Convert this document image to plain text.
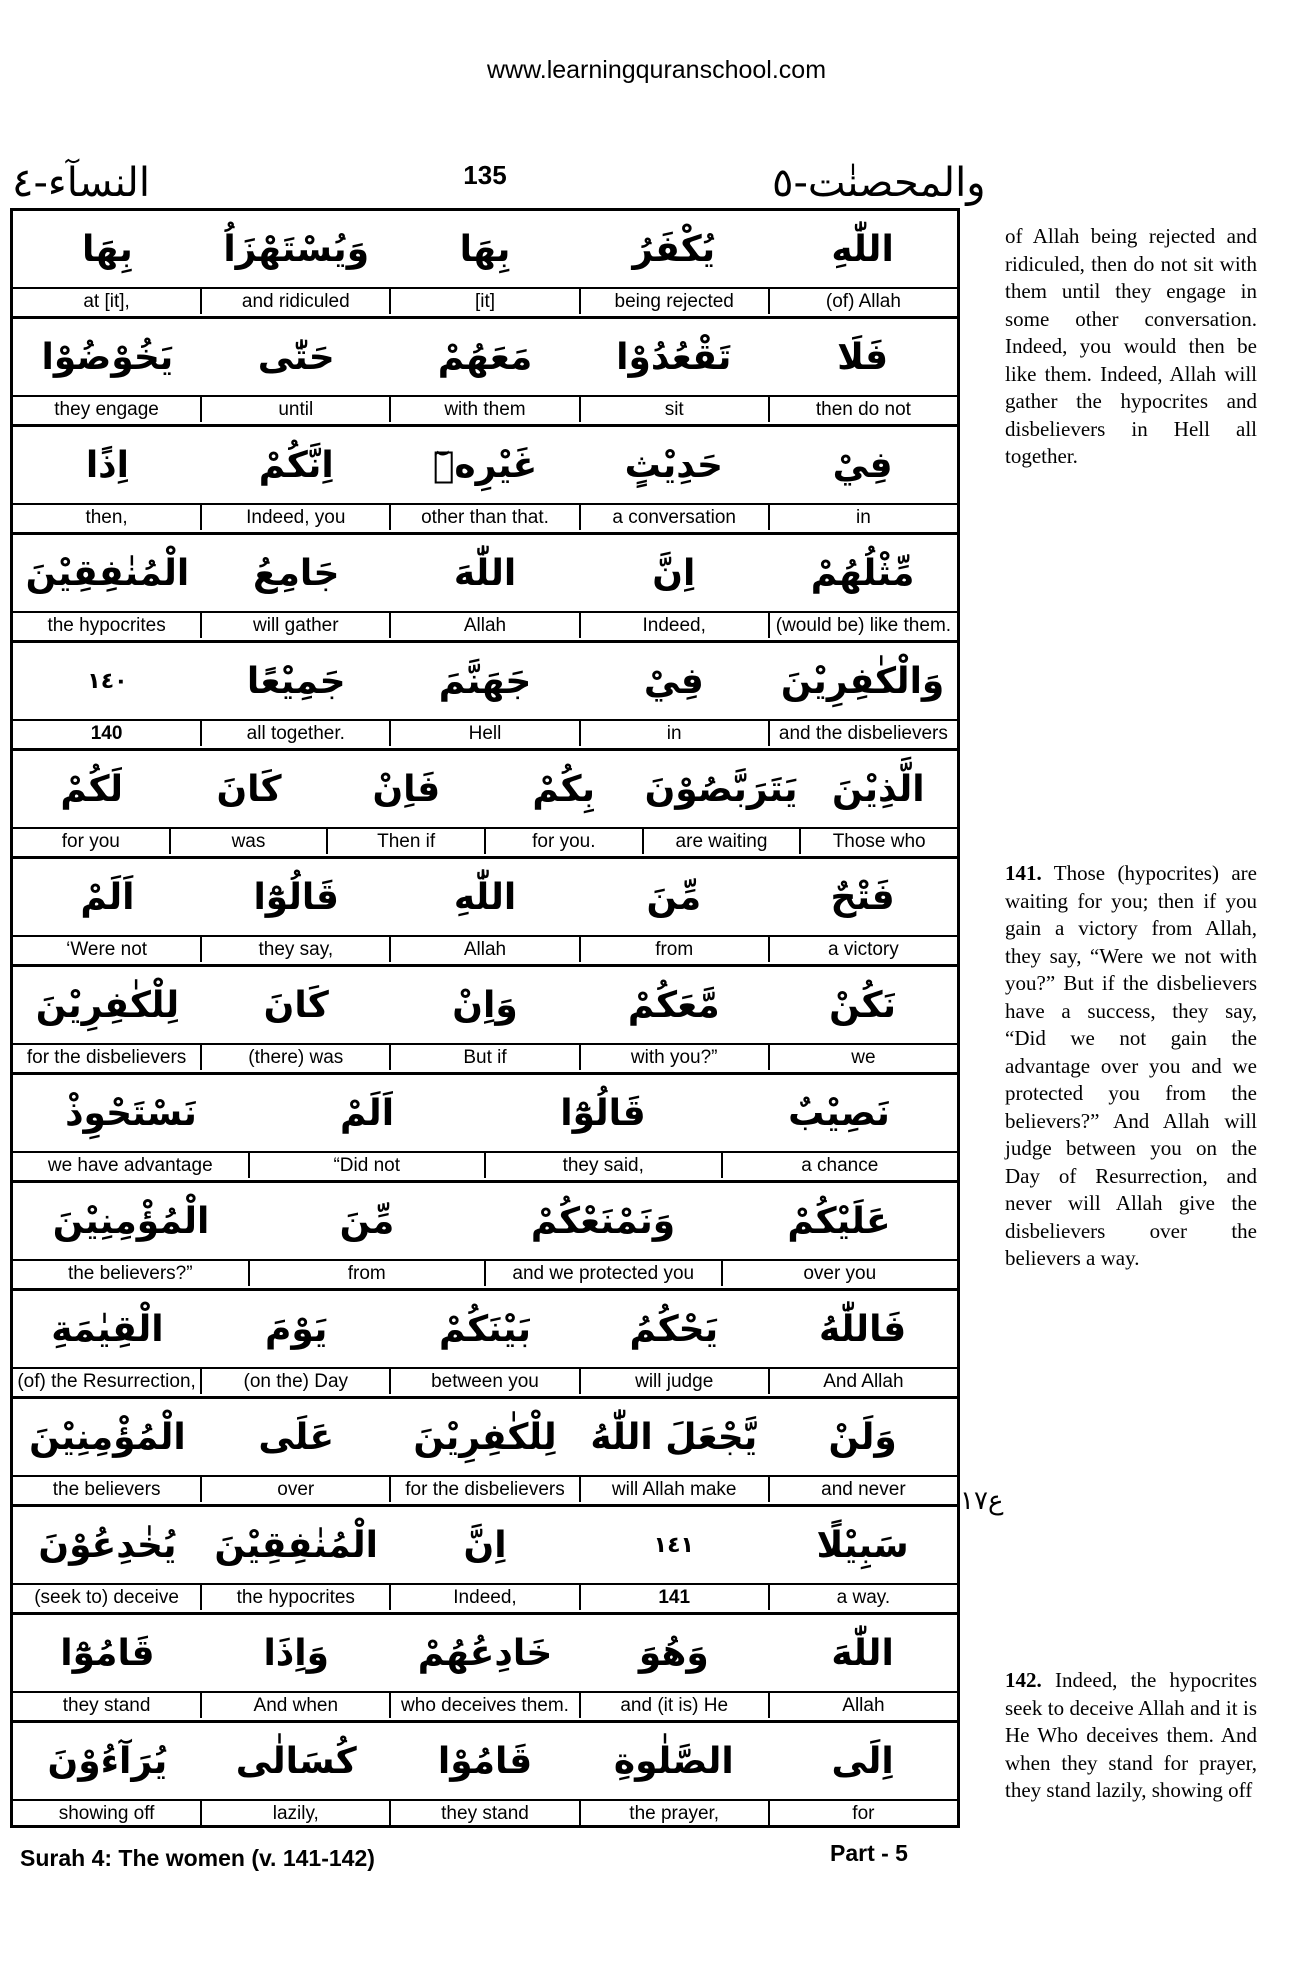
www.learningquranschool.com
والمحصنٰت-٥
135
النسآء-٤
اللّٰهِ
يُكْفَرُ
بِهَا
وَيُسْتَهْزَاُ
بِهَا
(of) Allah
being rejected
[it]
and ridiculed
at [it],
فَلَا
تَقْعُدُوْا
مَعَهُمْ
حَتّٰى
يَخُوْضُوْا
then do not
sit
with them
until
they engage
فِيْ
حَدِيْثٍ
غَيْرِهٖٓ
اِنَّكُمْ
اِذًا
in
a conversation
other than that.
Indeed, you
then,
مِّثْلُهُمْ
اِنَّ
اللّٰهَ
جَامِعُ
الْمُنٰفِقِيْنَ
(would be) like them.
Indeed,
Allah
will gather
the hypocrites
وَالْكٰفِرِيْنَ
فِيْ
جَهَنَّمَ
جَمِيْعًا
١٤٠
and the disbelievers
in
Hell
all together.
140
الَّذِيْنَ
يَتَرَبَّصُوْنَ
بِكُمْ
فَاِنْ
كَانَ
لَكُمْ
Those who
are waiting
for you.
Then if
was
for you
فَتْحٌ
مِّنَ
اللّٰهِ
قَالُوْٓا
اَلَمْ
a victory
from
Allah
they say,
‘Were not
نَكُنْ
مَّعَكُمْ
وَاِنْ
كَانَ
لِلْكٰفِرِيْنَ
we
with you?”
But if
(there) was
for the disbelievers
نَصِيْبٌ
قَالُوْٓا
اَلَمْ
نَسْتَحْوِذْ
a chance
they said,
“Did not
we have advantage
عَلَيْكُمْ
وَنَمْنَعْكُمْ
مِّنَ
الْمُؤْمِنِيْنَ
over you
and we protected you
from
the believers?”
فَاللّٰهُ
يَحْكُمُ
بَيْنَكُمْ
يَوْمَ
الْقِيٰمَةِ
And Allah
will judge
between you
(on the) Day
(of) the Resurrection,
وَلَنْ
يَّجْعَلَ اللّٰهُ
لِلْكٰفِرِيْنَ
عَلَى
الْمُؤْمِنِيْنَ
and never
will Allah make
for the disbelievers
over
the believers
سَبِيْلًا
١٤١
اِنَّ
الْمُنٰفِقِيْنَ
يُخٰدِعُوْنَ
a way.
141
Indeed,
the hypocrites
(seek to) deceive
اللّٰهَ
وَهُوَ
خَادِعُهُمْ
وَاِذَا
قَامُوْٓا
Allah
and (it is) He
who deceives them.
And when
they stand
اِلَى
الصَّلٰوةِ
قَامُوْا
كُسَالٰى
يُرَآءُوْنَ
for
the prayer,
they stand
lazily,
showing off
ع١٧
of Allah being rejected and ridiculed, then do not sit with them until they engage in some other conversation. Indeed, you would then be like them. Indeed, Allah will gather the hypocrites and disbelievers in Hell all together.
141. Those (hypocrites) are waiting for you; then if you gain a victory from Allah, they say, “Were we not with you?” But if the disbelievers have a success, they say, “Did we not gain the advantage over you and we protected you from the believers?” And Allah will judge between you on the Day of Resurrection, and never will Allah give the disbelievers over the believers a way.
142. Indeed, the hypocrites seek to deceive Allah and it is He Who deceives them. And when they stand for prayer, they stand lazily, showing off
Surah 4: The women (v. 141-142)	Part - 5
